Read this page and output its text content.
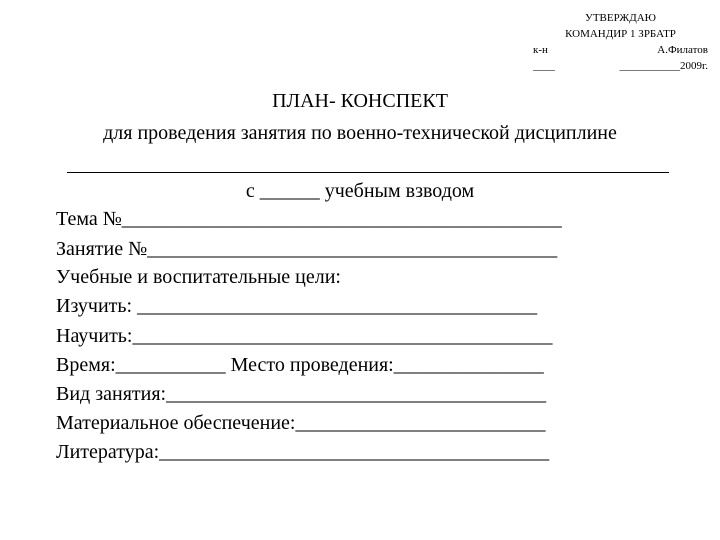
УТВЕРЖДАЮ
КОМАНДИР 1 ЗРБАТР
к-н	А.Филатов
____	___________2009г.
ПЛАН- КОНСПЕКТ
для проведения занятия по военно-технической дисциплине
с ______ учебным взводом
Тема №____________________________________________
Занятие №_________________________________________
Учебные и воспитательные цели:
Изучить: ________________________________________
Научить:__________________________________________
Время:___________ Место проведения:_______________
Вид занятия:______________________________________
Материальное обеспечение:_________________________
Литература:_______________________________________
